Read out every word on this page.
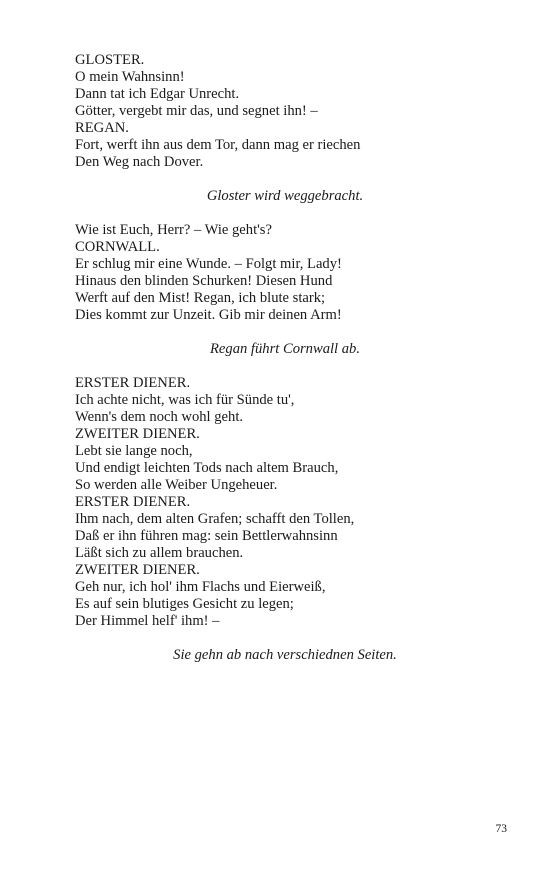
GLOSTER.
O mein Wahnsinn!
Dann tat ich Edgar Unrecht.
Götter, vergebt mir das, und segnet ihn! –
REGAN.
Fort, werft ihn aus dem Tor, dann mag er riechen
Den Weg nach Dover.
Gloster wird weggebracht.
Wie ist Euch, Herr? – Wie geht's?
CORNWALL.
Er schlug mir eine Wunde. – Folgt mir, Lady!
Hinaus den blinden Schurken! Diesen Hund
Werft auf den Mist! Regan, ich blute stark;
Dies kommt zur Unzeit. Gib mir deinen Arm!
Regan führt Cornwall ab.
ERSTER DIENER.
Ich achte nicht, was ich für Sünde tu',
Wenn's dem noch wohl geht.
ZWEITER DIENER.
Lebt sie lange noch,
Und endigt leichten Tods nach altem Brauch,
So werden alle Weiber Ungeheuer.
ERSTER DIENER.
Ihm nach, dem alten Grafen; schafft den Tollen,
Daß er ihn führen mag: sein Bettlerwahnsinn
Läßt sich zu allem brauchen.
ZWEITER DIENER.
Geh nur, ich hol' ihm Flachs und Eierweiß,
Es auf sein blutiges Gesicht zu legen;
Der Himmel helf' ihm! –
Sie gehn ab nach verschiednen Seiten.
73
